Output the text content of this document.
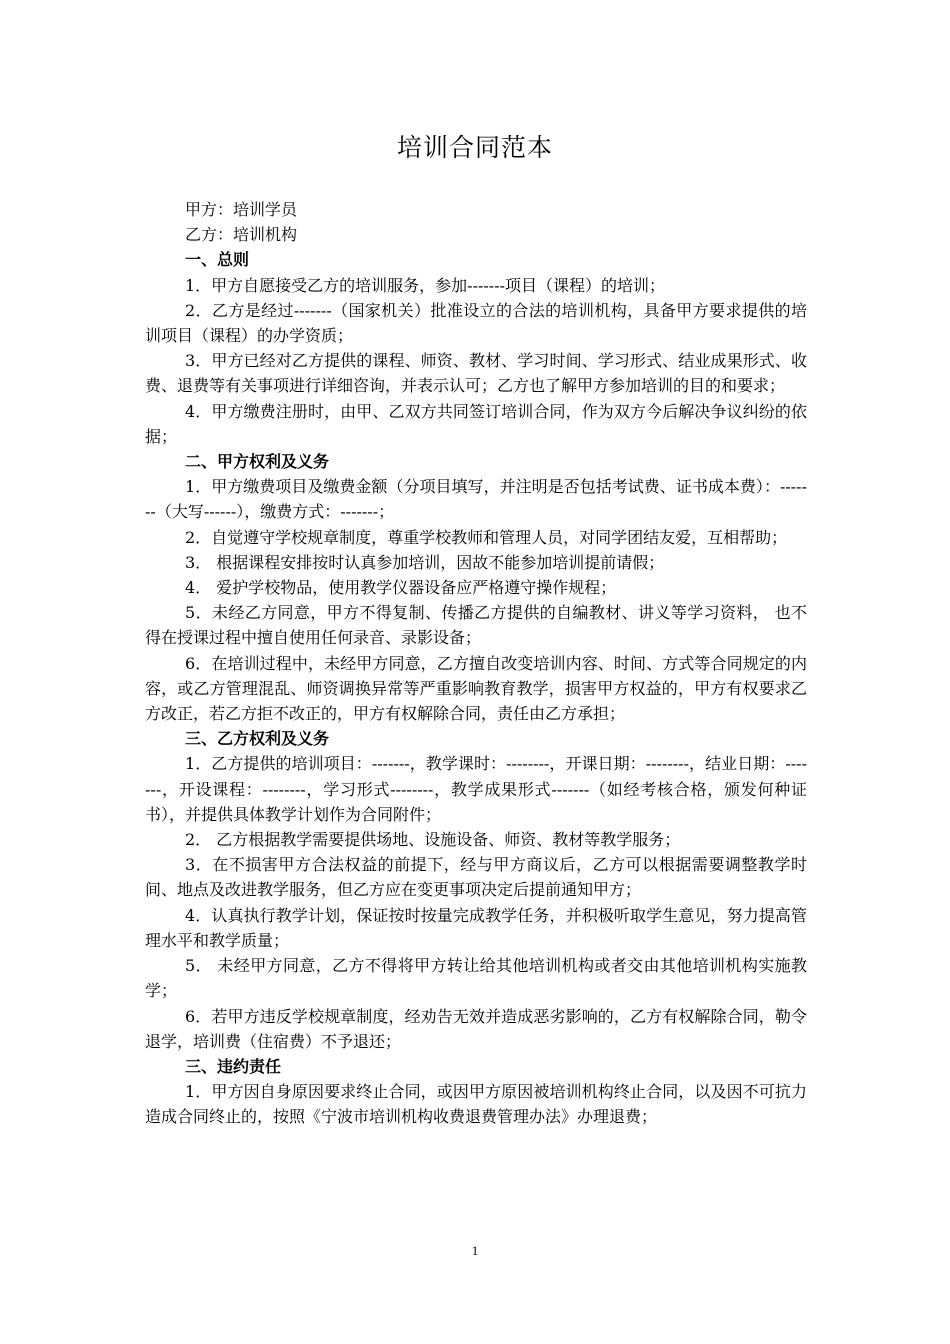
培训合同范本

甲方：培训学员

乙方：培训机构

一、总则

1．甲方自愿接受乙方的培训服务，参加-------项目（课程）的培训；

2．乙方是经过-------（国家机关）批准设立的合法的培训机构，具备甲方要求提供的培训项目（课程）的办学资质；

3．甲方已经对乙方提供的课程、师资、教材、学习时间、学习形式、结业成果形式、收费、退费等有关事项进行详细咨询，并表示认可；乙方也了解甲方参加培训的目的和要求；

4．甲方缴费注册时，由甲、乙双方共同签订培训合同，作为双方今后解决争议纠纷的依据；

二、甲方权利及义务

1．甲方缴费项目及缴费金额（分项目填写，并注明是否包括考试费、证书成本费）：-------（大写------），缴费方式：-------；

2．自觉遵守学校规章制度，尊重学校教师和管理人员，对同学团结友爱，互相帮助；

3． 根据课程安排按时认真参加培训，因故不能参加培训提前请假；

4． 爱护学校物品，使用教学仪器设备应严格遵守操作规程；

5．未经乙方同意，甲方不得复制、传播乙方提供的自编教材、讲义等学习资料， 也不得在授课过程中擅自使用任何录音、录影设备；

6．在培训过程中，未经甲方同意，乙方擅自改变培训内容、时间、方式等合同规定的内容，或乙方管理混乱、师资调换异常等严重影响教育教学，损害甲方权益的，甲方有权要求乙方改正，若乙方拒不改正的，甲方有权解除合同，责任由乙方承担；

三、乙方权利及义务

1．乙方提供的培训项目：-------，教学课时：--------，开课日期：--------，结业日期：-------，开设课程：--------，学习形式--------，教学成果形式-------（如经考核合格，颁发何种证书），并提供具体教学计划作为合同附件；

2． 乙方根据教学需要提供场地、设施设备、师资、教材等教学服务；

3．在不损害甲方合法权益的前提下，经与甲方商议后，乙方可以根据需要调整教学时间、地点及改进教学服务，但乙方应在变更事项决定后提前通知甲方；

4．认真执行教学计划，保证按时按量完成教学任务，并积极听取学生意见，努力提高管理水平和教学质量；

5． 未经甲方同意，乙方不得将甲方转让给其他培训机构或者交由其他培训机构实施教学；

6．若甲方违反学校规章制度，经劝告无效并造成恶劣影响的，乙方有权解除合同，勒令退学，培训费（住宿费）不予退还；

三、违约责任

1．甲方因自身原因要求终止合同，或因甲方原因被培训机构终止合同，以及因不可抗力造成合同终止的，按照《宁波市培训机构收费退费管理办法》办理退费；

1
